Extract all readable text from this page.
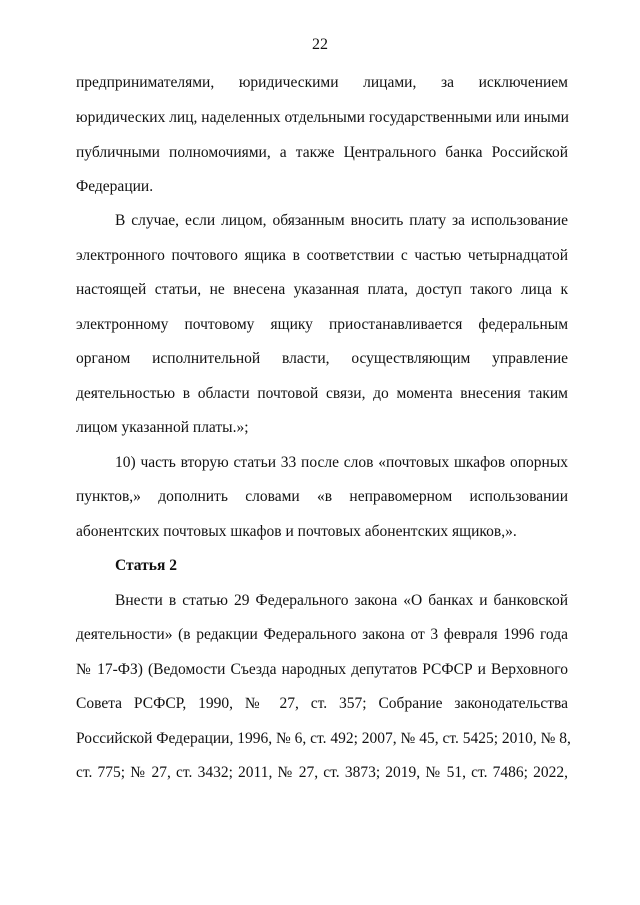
22
предпринимателями, юридическими лицами, за исключением
юридических лиц, наделенных отдельными государственными или иными
публичными полномочиями, а также Центрального банка Российской
Федерации.
В случае, если лицом, обязанным вносить плату за использование
электронного почтового ящика в соответствии с частью четырнадцатой
настоящей статьи, не внесена указанная плата, доступ такого лица к
электронному почтовому ящику приостанавливается федеральным
органом исполнительной власти, осуществляющим управление
деятельностью в области почтовой связи, до момента внесения таким
лицом указанной платы.»;
10) часть вторую статьи 33 после слов «почтовых шкафов опорных
пунктов,» дополнить словами «в неправомерном использовании
абонентских почтовых шкафов и почтовых абонентских ящиков,».
Статья 2
Внести в статью 29 Федерального закона «О банках и банковской
деятельности» (в редакции Федерального закона от 3 февраля 1996 года
№ 17-ФЗ) (Ведомости Съезда народных депутатов РСФСР и Верховного
Совета РСФСР, 1990, № 27, ст. 357; Собрание законодательства
Российской Федерации, 1996, № 6, ст. 492; 2007, № 45, ст. 5425; 2010, № 8,
ст. 775; № 27, ст. 3432; 2011, № 27, ст. 3873; 2019, № 51, ст. 7486; 2022,
